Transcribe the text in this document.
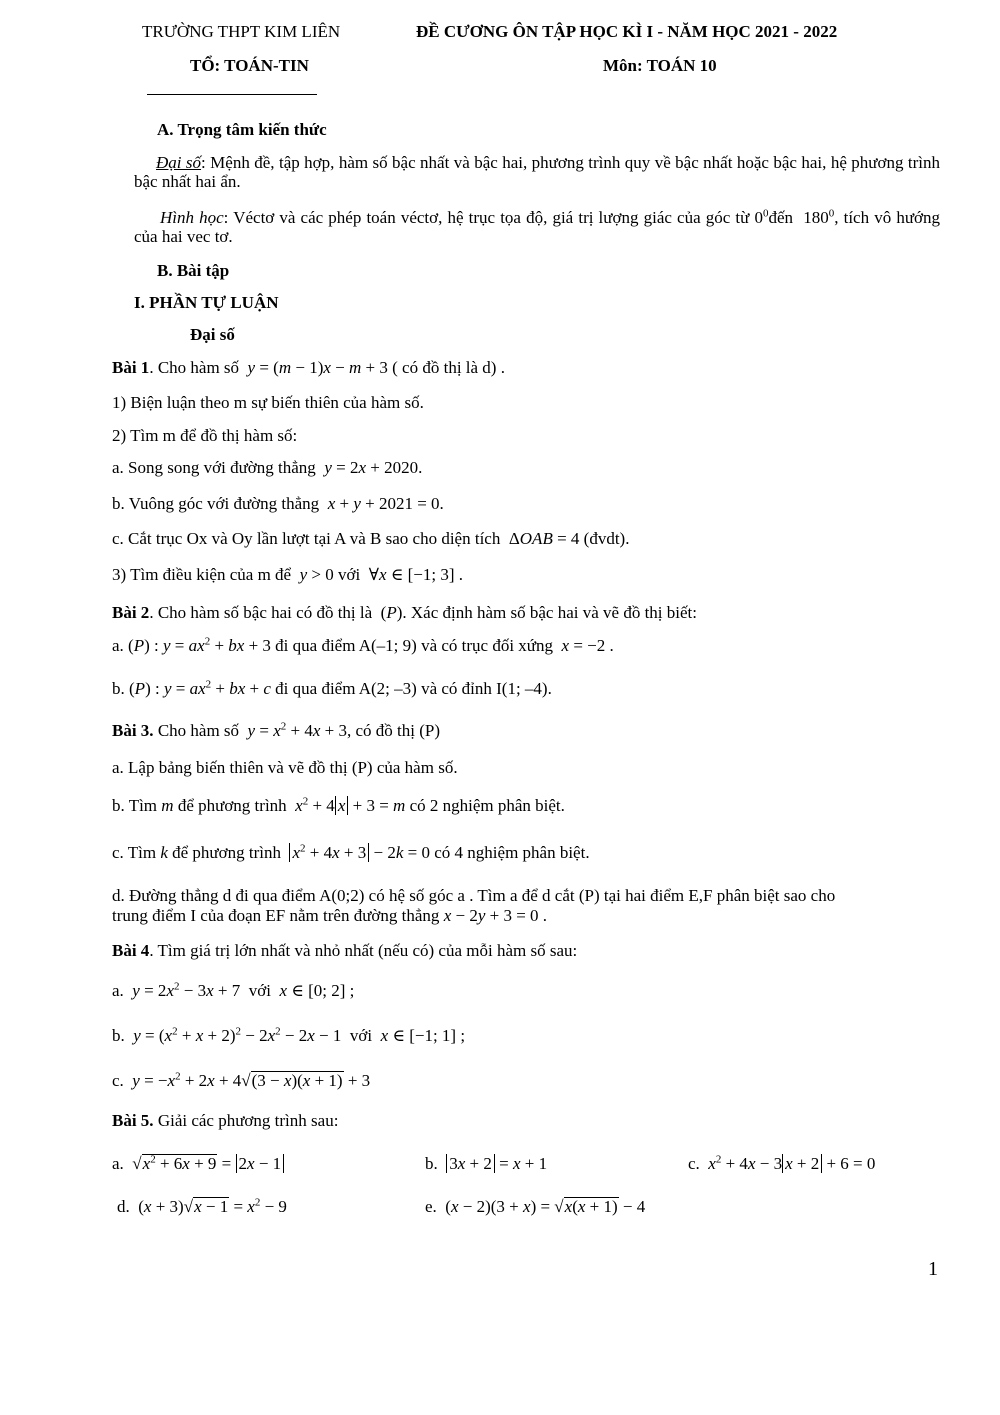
TRƯỜNG THPT KIM LIÊN	ĐỀ CƯƠNG ÔN TẬP HỌC KÌ I - NĂM HỌC 2021 - 2022
TỔ: TOÁN-TIN	Môn: TOÁN 10
A. Trọng tâm kiến thức
Đại số: Mệnh đề, tập hợp, hàm số bậc nhất và bậc hai, phương trình quy về bậc nhất hoặc bậc hai, hệ phương trình bậc nhất hai ẩn.
Hình học: Véctơ và các phép toán véctơ, hệ trục tọa độ, giá trị lượng giác của góc từ $0^0đến$  $180^0$, tích vô hướng của hai vec tơ.
B. Bài tập
I. PHẦN TỰ LUẬN
Đại số
Bài 1. Cho hàm số  y = (m − 1)x − m + 3 ( có đồ thị là d) .
1) Biện luận theo m sự biến thiên của hàm số.
2) Tìm m để đồ thị hàm số:
a. Song song với đường thẳng  y = 2x + 2020.
b. Vuông góc với đường thẳng  x + y + 2021 = 0.
c. Cắt trục Ox và Oy lần lượt tại A và B sao cho diện tích  ΔOAB = 4 (đvdt).
3) Tìm điều kiện của m để  y > 0 với  ∀x ∈ [−1; 3] .
Bài 2. Cho hàm số bậc hai có đồ thị là  (P). Xác định hàm số bậc hai và vẽ đồ thị biết:
a. (P) : $y = ax^2$ + bx + 3 đi qua điểm A(–1; 9) và có trục đối xứng  x = −2 .
b. (P) : $y = ax^2$ + bx + c đi qua điểm A(2; –3) và có đỉnh I(1; –4).
Bài 3. Cho hàm số  $y = x^2 + 4x + 3$, có đồ thị (P)
a. Lập bảng biến thiên và vẽ đồ thị (P) của hàm số.
b. Tìm m để phương trình  $x^2 + 4$ x + 3 = m có 2 nghiệm phân biệt.
c. Tìm k để phương trình  $x^2 + 4x + 3 - 2k = 0$ có 4 nghiệm phân biệt.
d. Đường thẳng d đi qua điểm A(0;2) có hệ số góc a . Tìm a để d cắt (P) tại hai điểm E,F phân biệt sao cho
trung điểm I của đoạn EF nằm trên đường thẳng x − 2y + 3 = 0 .
Bài 4. Tìm giá trị lớn nhất và nhỏ nhất (nếu có) của mỗi hàm số sau:
a.  $y = 2x^2 - 3x + 7$  với  x ∈ [0; 2] ;
b.  $y = (x^2 + x + 2)^2 - 2x^2 - 2x - 1$  với  x ∈ [−1; 1] ;
c.  $y = -x^2 + 2x + 4√(3 - x)(x + 1) + 3$
Bài 5. Giải các phương trình sau:
a.  $√x^2 + 6x + 9 = 2x - 1$	b.  3x + 2 = x + 1	c.  $x^2 + 4x - 3$ x + 2 + 6 = 0
d.  $(x + 3)√x - 1 = x^2 - 9$	e.  (x − 2)(3 + x) = √x(x + 1) − 4
1
